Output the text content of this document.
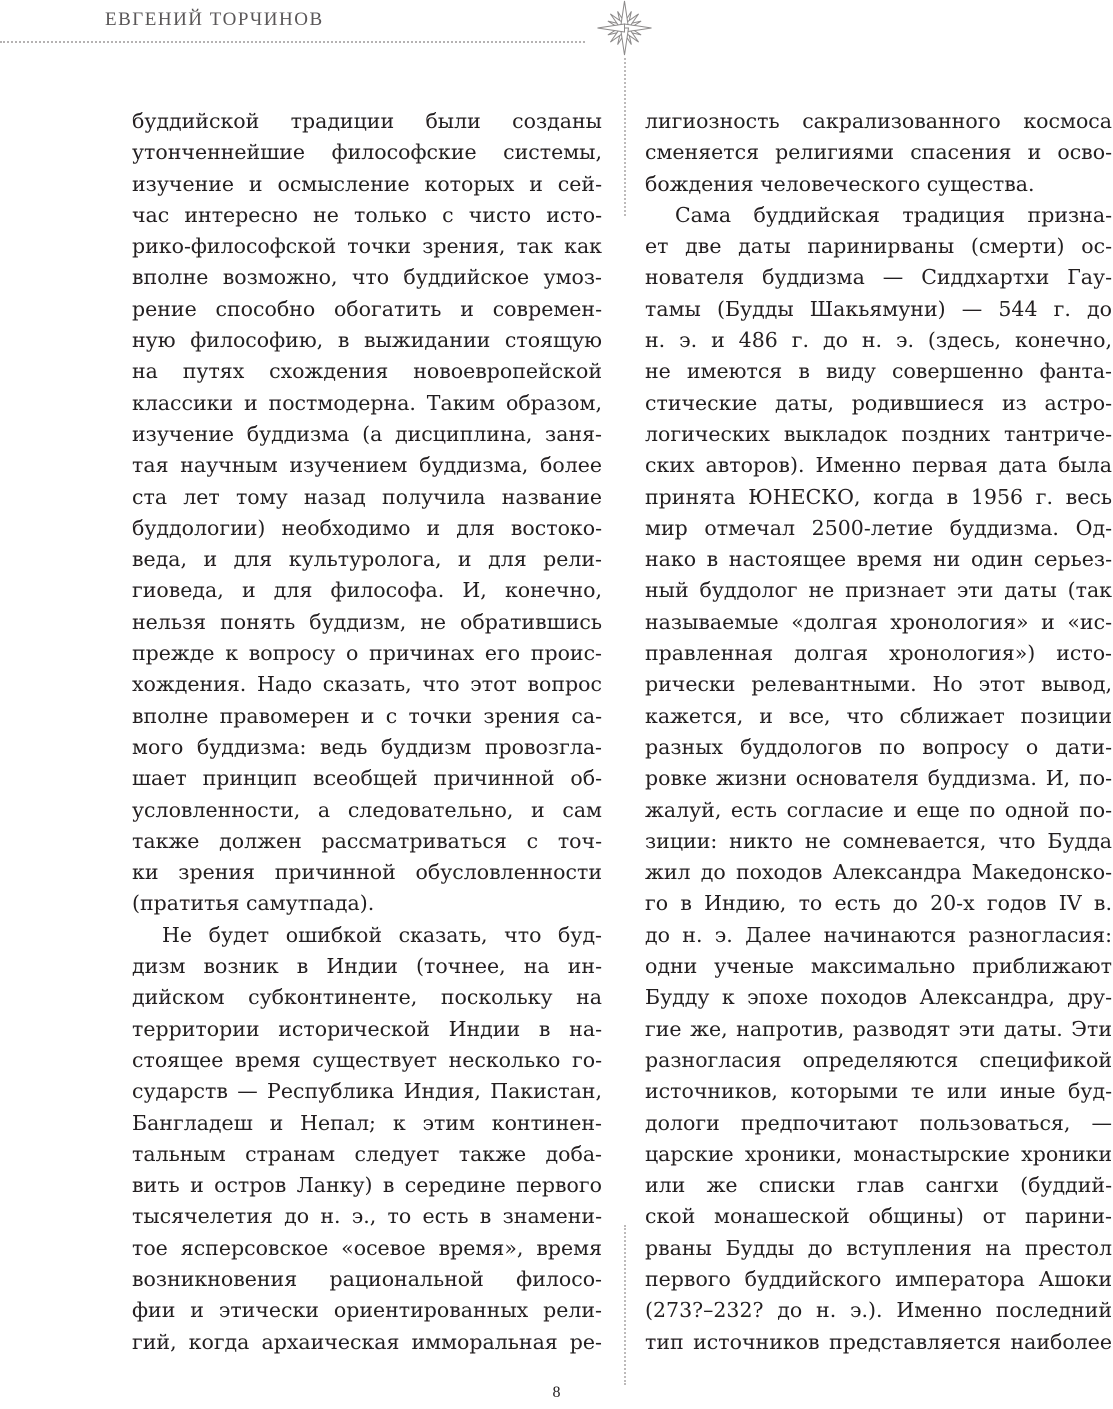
ЕВГЕНИЙ ТОРЧИНОВ
буддийской традиции были созданы
утонченнейшие философские системы,
изучение и осмысление которых и сей-
час интересно не только с чисто исто-
рико-философской точки зрения, так как
вполне возможно, что буддийское умоз-
рение способно обогатить и современ-
ную философию, в выжидании стоящую
на путях схождения новоевропейской
классики и постмодерна. Таким образом,
изучение буддизма (а дисциплина, заня-
тая научным изучением буддизма, более
ста лет тому назад получила название
буддологии) необходимо и для востоко-
веда, и для культуролога, и для рели-
гиоведа, и для философа. И, конечно,
нельзя понять буддизм, не обратившись
прежде к вопросу о причинах его проис-
хождения. Надо сказать, что этот вопрос
вполне правомерен и с точки зрения са-
мого буддизма: ведь буддизм провозгла-
шает принцип всеобщей причинной об-
условленности, а следовательно, и сам
также должен рассматриваться с точ-
ки зрения причинной обусловленности
(пратитья самутпада).
Не будет ошибкой сказать, что буд-
дизм возник в Индии (точнее, на ин-
дийском субконтиненте, поскольку на
территории исторической Индии в на-
стоящее время существует несколько го-
сударств — Республика Индия, Пакистан,
Бангладеш и Непал; к этим континен-
тальным странам следует также доба-
вить и остров Ланку) в середине первого
тысячелетия до н. э., то есть в знамени-
тое ясперсовское «осевое время», время
возникновения рациональной филосо-
фии и этически ориентированных рели-
гий, когда архаическая имморальная ре-
лигиозность сакрализованного космоса
сменяется религиями спасения и осво-
бождения человеческого существа.
Сама буддийская традиция призна-
ет две даты паринирваны (смерти) ос-
нователя буддизма — Сиддхартхи Гау-
тамы (Будды Шакьямуни) — 544 г. до
н. э. и 486 г. до н. э. (здесь, конечно,
не имеются в виду совершенно фанта-
стические даты, родившиеся из астро-
логических выкладок поздних тантриче-
ских авторов). Именно первая дата была
принята ЮНЕСКО, когда в 1956 г. весь
мир отмечал 2500-летие буддизма. Од-
нако в настоящее время ни один серьез-
ный буддолог не признает эти даты (так
называемые «долгая хронология» и «ис-
правленная долгая хронология») исто-
рически релевантными. Но этот вывод,
кажется, и все, что сближает позиции
разных буддологов по вопросу о дати-
ровке жизни основателя буддизма. И, по-
жалуй, есть согласие и еще по одной по-
зиции: никто не сомневается, что Будда
жил до походов Александра Македонско-
го в Индию, то есть до 20-х годов IV в.
до н. э. Далее начинаются разногласия:
одни ученые максимально приближают
Будду к эпохе походов Александра, дру-
гие же, напротив, разводят эти даты. Эти
разногласия определяются спецификой
источников, которыми те или иные буд-
дологи предпочитают пользоваться, —
царские хроники, монастырские хроники
или же списки глав сангхи (буддий-
ской монашеской общины) от парини-
рваны Будды до вступления на престол
первого буддийского императора Ашоки
(273?–232? до н. э.). Именно последний
тип источников представляется наиболее
8
